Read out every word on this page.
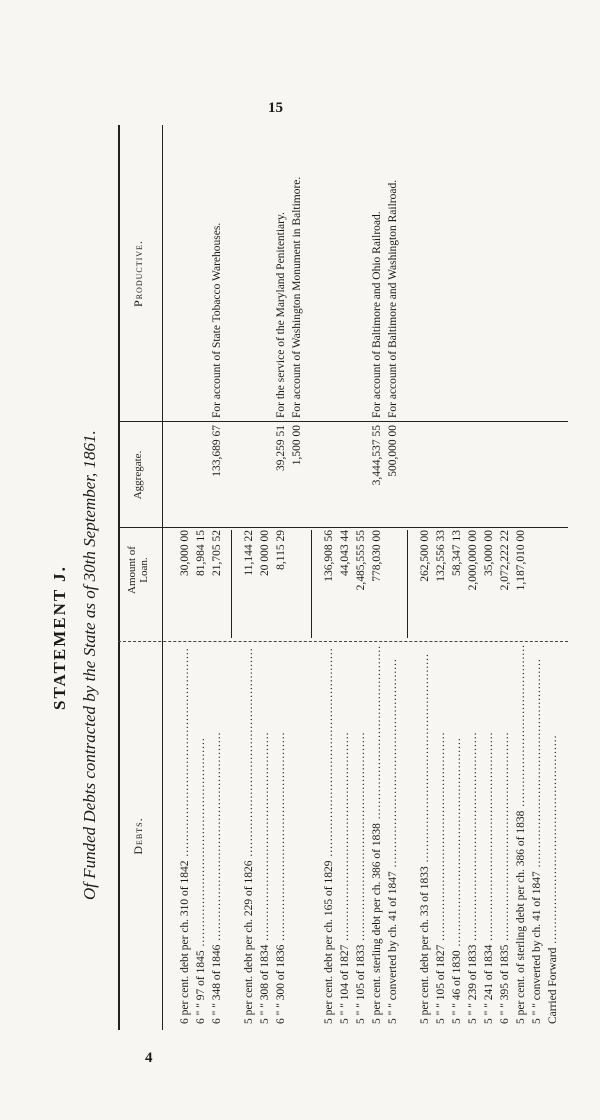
15
4
STATEMENT J. Of Funded Debts contracted by the State as of 30th September, 1861.	Debts.
Amount of Loan.
Aggregate.
Productive.
6 per cent. debt per ch. 310 of 1842 .....
30,000 00
6 " " 97 of 1845 .....
81,984 15
6 " " 348 of 1846 .....
21,705 52
133,689 67
For account of State Tobacco Warehouses.
5 per cent. debt per ch. 229 of 1826 .....
11,144 22
5 " " 308 of 1834 .....
20 000 00
6 " " 300 of 1836 .....
8,115 29
39,259 51
For the service of the Maryland Penitentiary.
1,500 00
For account of Washington Monument in Baltimore.
5 per cent. debt per ch. 165 of 1829 .....
136,908 56
5 " " 104 of 1827 .....
44,043 44
5 " " 105 of 1833 .....
2,485,555 55
5 per cent. sterling debt per ch. 386 of 1838 .....
778,030 00
3,444,537 55
For account of Baltimore and Ohio Railroad.
5 " " converted by ch. 41 of 1847 .....
500,000 00
For account of Baltimore and Washington Railroad.
5 per cent. debt per ch. 33 of 1833 .....
262,500 00
5 " " 105 of 1827 .....
132,556 33
5 " " 46 of 1830 .....
58,347 13
5 " " 239 of 1833 .....
2,000,000 00
5 " " 241 of 1834 .....
35,000 00
6 " " 395 of 1835 .....
2,072,222 22
5 per cent. of sterling debt per ch. 386 of 1838 .....
1,187,010 00
5 " " converted by ch. 41 of 1847 ..... Carried Forward .....
